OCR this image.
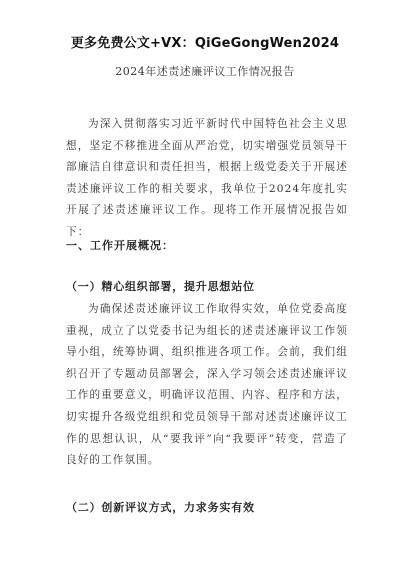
更多免费公文+VX：QiGeGongWen2024
2024年述责述廉评议工作情况报告

为深入贯彻落实习近平新时代中国特色社会主义思想，坚定不移推进全面从严治党，切实增强党员领导干部廉洁自律意识和责任担当，根据上级党委关于开展述责述廉评议工作的相关要求，我单位于2024年度扎实开展了述责述廉评议工作。现将工作开展情况报告如下：

一、工作开展概况：
（一）精心组织部署，提升思想站位

为确保述责述廉评议工作取得实效，单位党委高度重视，成立了以党委书记为组长的述责述廉评议工作领导小组，统筹协调、组织推进各项工作。会前，我们组织召开了专题动员部署会，深入学习领会述责述廉评议工作的重要意义，明确评议范围、内容、程序和方法，切实提升各级党组织和党员领导干部对述责述廉评议工作的思想认识，从“要我评”向“我要评”转变，营造了良好的工作氛围。

（二）创新评议方式，力求务实有效
